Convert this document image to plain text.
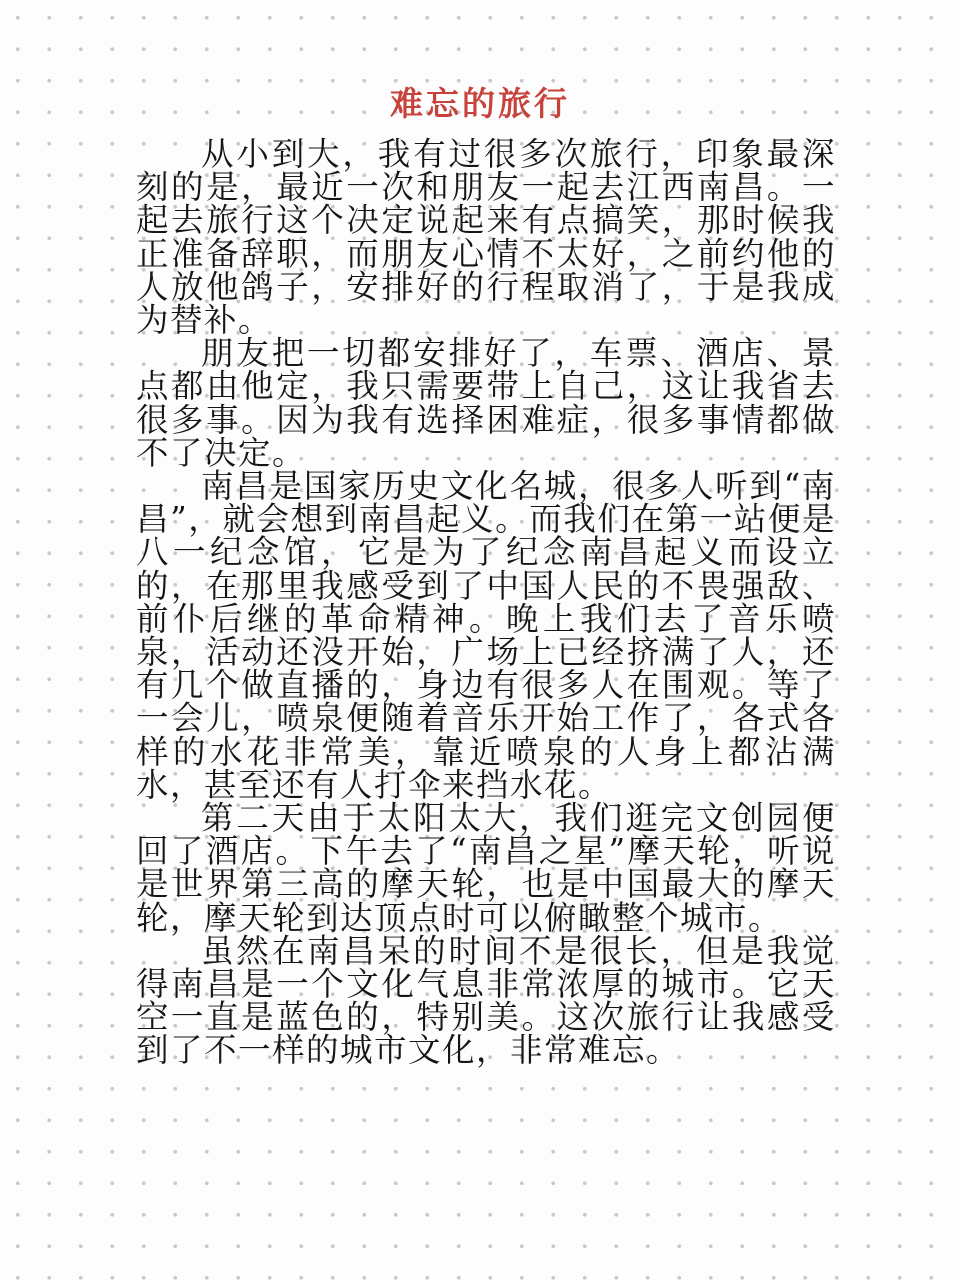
难忘的旅行

从小到大，我有过很多次旅行，印象最深刻的是，最近一次和朋友一起去江西南昌。一起去旅行这个决定说起来有点搞笑，那时候我正准备辞职，而朋友心情不太好，之前约他的人放他鸽子，安排好的行程取消了，于是我成为替补。

朋友把一切都安排好了，车票、酒店、景点都由他定，我只需要带上自己，这让我省去很多事。因为我有选择困难症，很多事情都做不了决定。

南昌是国家历史文化名城，很多人听到“南昌”，就会想到南昌起义。而我们在第一站便是八一纪念馆，它是为了纪念南昌起义而设立的，在那里我感受到了中国人民的不畏强敌、前仆后继的革命精神。晚上我们去了音乐喷泉，活动还没开始，广场上已经挤满了人，还有几个做直播的，身边有很多人在围观。等了一会儿，喷泉便随着音乐开始工作了，各式各样的水花非常美，靠近喷泉的人身上都沾满水，甚至还有人打伞来挡水花。

第二天由于太阳太大，我们逛完文创园便回了酒店。下午去了“南昌之星”摩天轮，听说是世界第三高的摩天轮，也是中国最大的摩天轮，摩天轮到达顶点时可以俯瞰整个城市。

虽然在南昌呆的时间不是很长，但是我觉得南昌是一个文化气息非常浓厚的城市。它天空一直是蓝色的，特别美。这次旅行让我感受到了不一样的城市文化，非常难忘。
